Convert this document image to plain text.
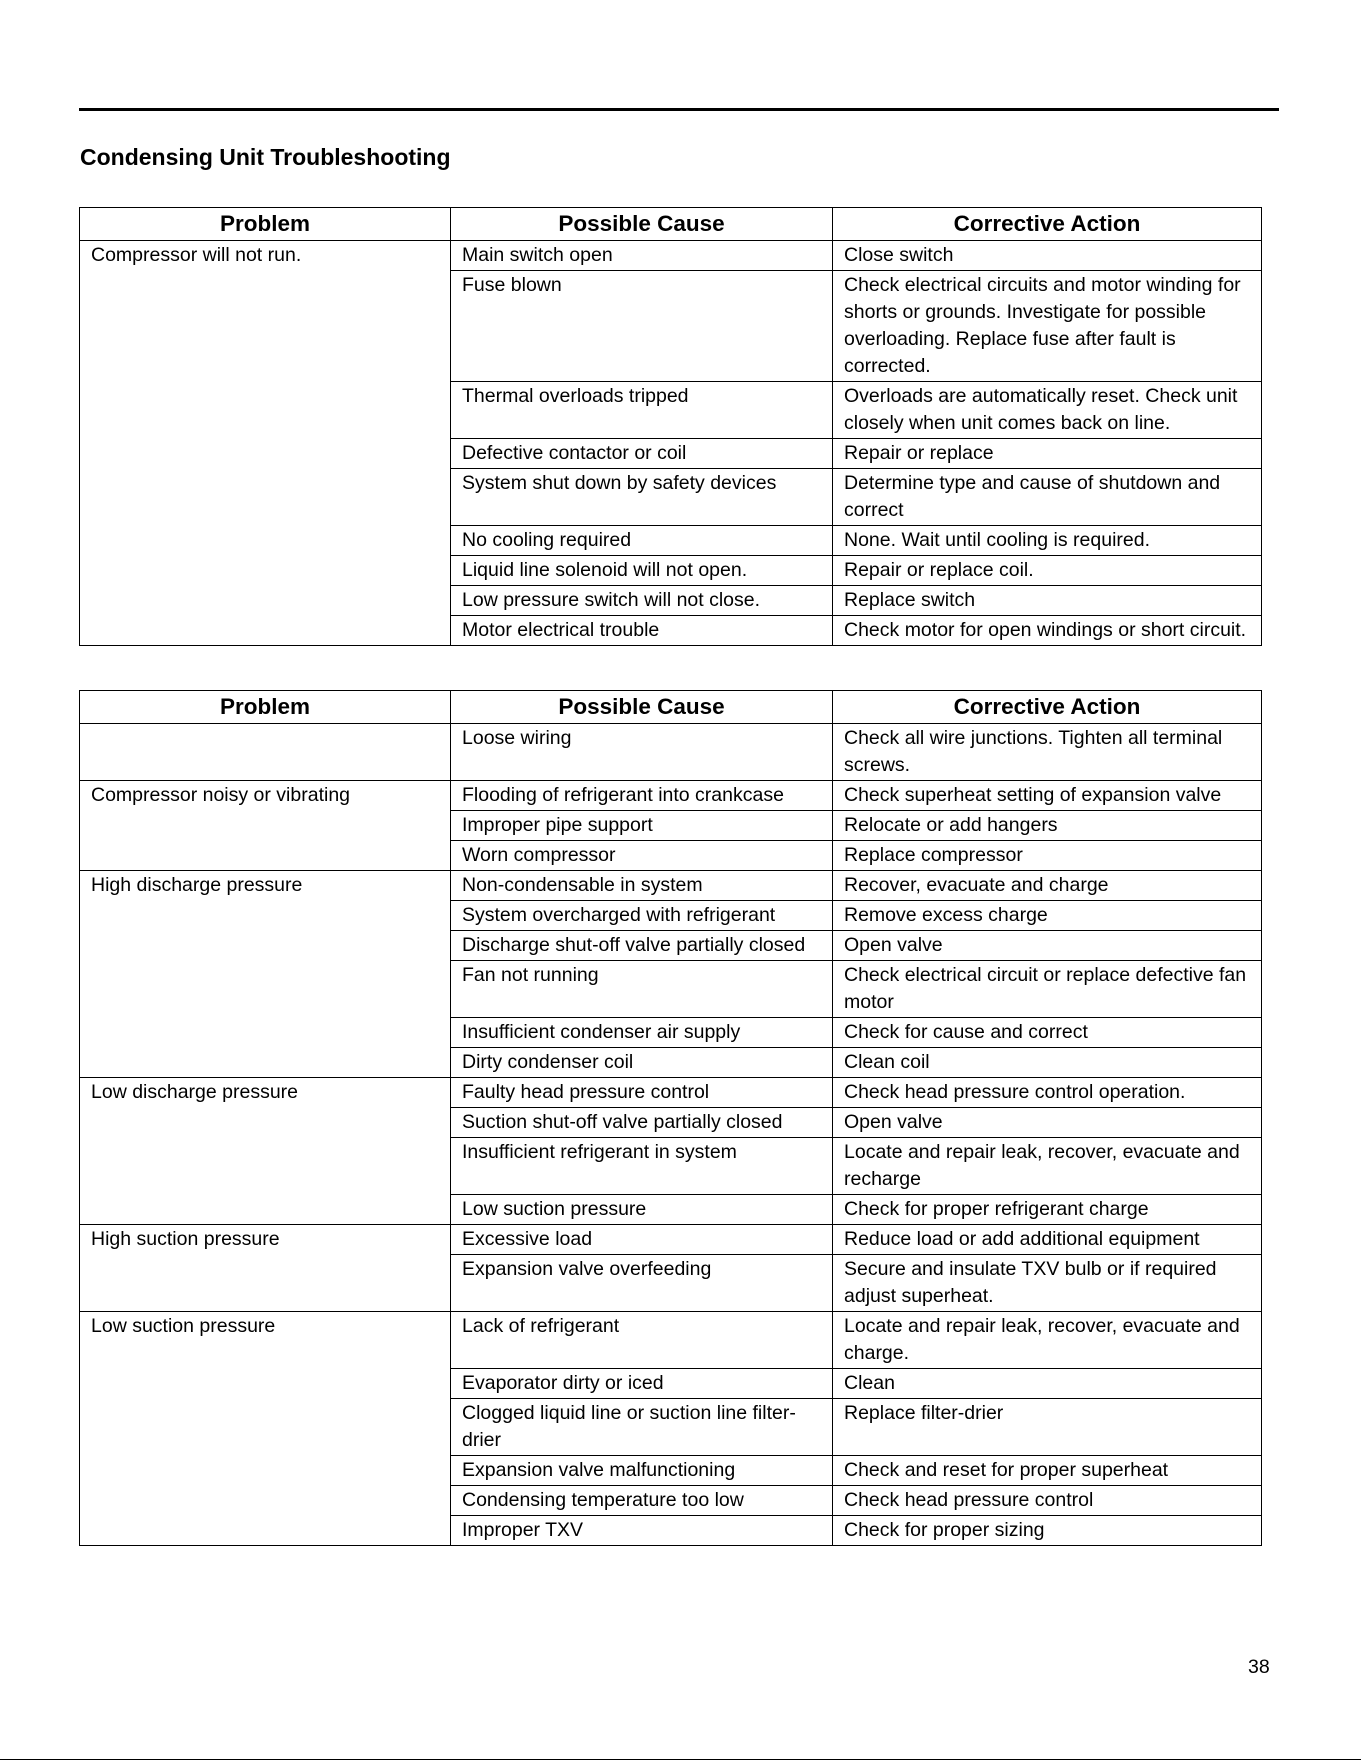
Condensing Unit Troubleshooting
Problem	Possible Cause	Corrective Action
Compressor will not run.	Main switch open	Close switch
	Fuse blown	Check electrical circuits and motor winding for shorts or grounds. Investigate for possible overloading. Replace fuse after fault is corrected.
	Thermal overloads tripped	Overloads are automatically reset. Check unit closely when unit comes back on line.
	Defective contactor or coil	Repair or replace
	System shut down by safety devices	Determine type and cause of shutdown and correct
	No cooling required	None. Wait until cooling is required.
	Liquid line solenoid will not open.	Repair or replace coil.
	Low pressure switch will not close.	Replace switch
	Motor electrical trouble	Check motor for open windings or short circuit.
Problem	Possible Cause	Corrective Action
	Loose wiring	Check all wire junctions. Tighten all terminal screws.
Compressor noisy or vibrating	Flooding of refrigerant into crankcase	Check superheat setting of expansion valve
	Improper pipe support	Relocate or add hangers
	Worn compressor	Replace compressor
High discharge pressure	Non-condensable in system	Recover, evacuate and charge
	System overcharged with refrigerant	Remove excess charge
	Discharge shut-off valve partially closed	Open valve
	Fan not running	Check electrical circuit or replace defective fan motor
	Insufficient condenser air supply	Check for cause and correct
	Dirty condenser coil	Clean coil
Low discharge pressure	Faulty head pressure control	Check head pressure control operation.
	Suction shut-off valve partially closed	Open valve
	Insufficient refrigerant in system	Locate and repair leak, recover, evacuate and recharge
	Low suction pressure	Check for proper refrigerant charge
High suction pressure	Excessive load	Reduce load or add additional equipment
	Expansion valve overfeeding	Secure and insulate TXV bulb or if required adjust superheat.
Low suction pressure	Lack of refrigerant	Locate and repair leak, recover, evacuate and charge.
	Evaporator dirty or iced	Clean
	Clogged liquid line or suction line filter-drier	Replace filter-drier
	Expansion valve malfunctioning	Check and reset for proper superheat
	Condensing temperature too low	Check head pressure control
	Improper TXV	Check for proper sizing
38
